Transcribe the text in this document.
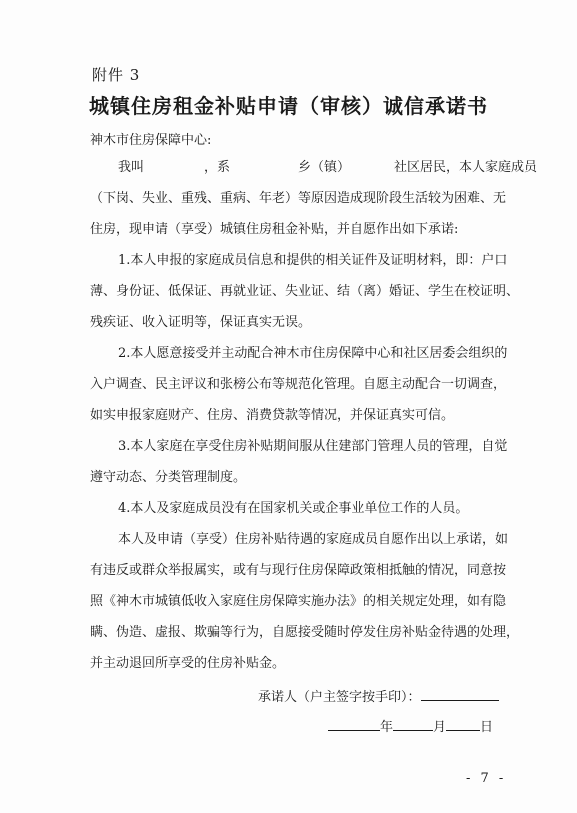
附件 3
城镇住房租金补贴申请（审核）诚信承诺书
神木市住房保障中心:
我叫	，系	乡（镇）	社区居民，本人家庭成员
（下岗、失业、重残、重病、年老）等原因造成现阶段生活较为困难、无
住房，现申请（享受）城镇住房租金补贴，并自愿作出如下承诺:
1.本人申报的家庭成员信息和提供的相关证件及证明材料，即：户口
薄、身份证、低保证、再就业证、失业证、结（离）婚证、学生在校证明、
残疾证、收入证明等，保证真实无误。
2.本人愿意接受并主动配合神木市住房保障中心和社区居委会组织的
入户调查、民主评议和张榜公布等规范化管理。自愿主动配合一切调查，
如实申报家庭财产、住房、消费贷款等情况，并保证真实可信。
3.本人家庭在享受住房补贴期间服从住建部门管理人员的管理，自觉
遵守动态、分类管理制度。
4.本人及家庭成员没有在国家机关或企事业单位工作的人员。
本人及申请（享受）住房补贴待遇的家庭成员自愿作出以上承诺，如
有违反或群众举报属实，或有与现行住房保障政策相抵触的情况，同意按
照《神木市城镇低收入家庭住房保障实施办法》的相关规定处理，如有隐
瞒、伪造、虚报、欺骗等行为，自愿接受随时停发住房补贴金待遇的处理，
并主动退回所享受的住房补贴金。
承诺人（户主签字按手印）：
年	月	日
- 7 -
